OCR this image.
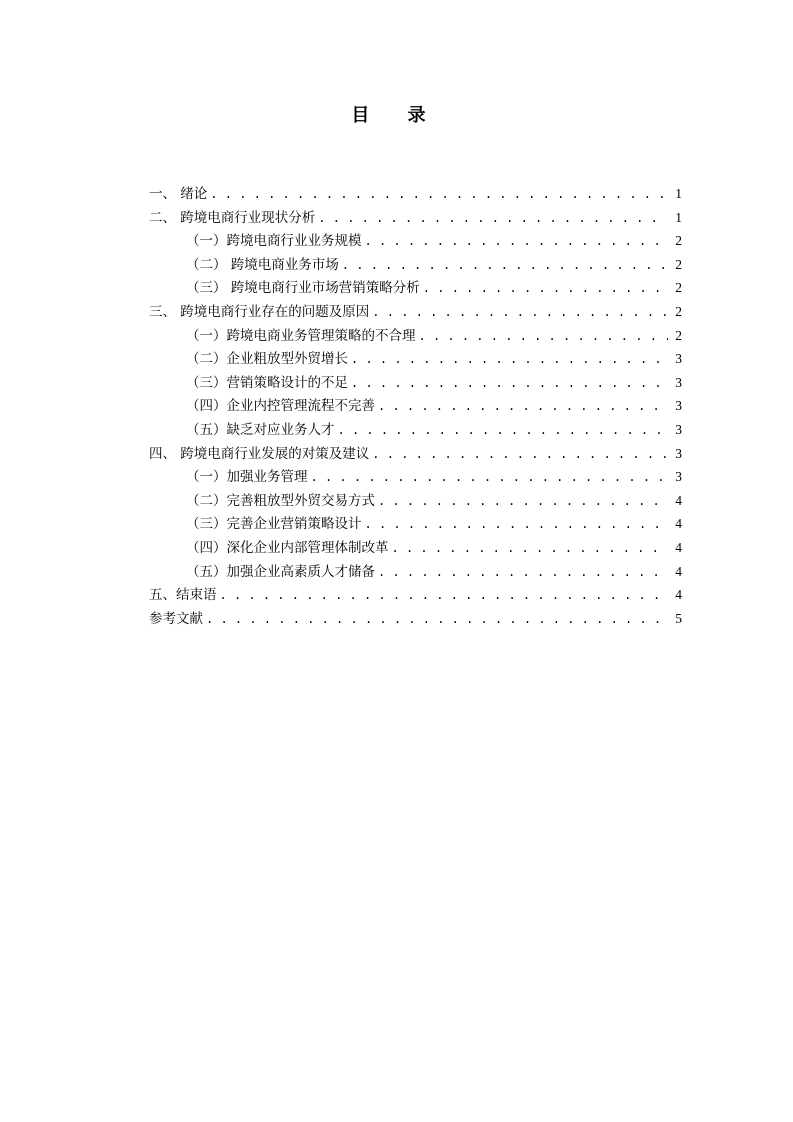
目 录
一、 绪论 . . .	1
二、 跨境电商行业现状分析 . . .	1
（一）跨境电商行业业务规模 . . .	2
（二） 跨境电商业务市场 . . .	2
（三） 跨境电商行业市场营销策略分析 . . .	2
三、 跨境电商行业存在的问题及原因 . . .	2
（一）跨境电商业务管理策略的不合理 . . .	2
（二）企业粗放型外贸增长 . . .	3
（三）营销策略设计的不足 . . .	3
（四）企业内控管理流程不完善 . . .	3
（五）缺乏对应业务人才 . . .	3
四、 跨境电商行业发展的对策及建议 . . .	3
（一）加强业务管理 . . .	3
（二）完善粗放型外贸交易方式 . . .	4
（三）完善企业营销策略设计 . . .	4
（四）深化企业内部管理体制改革 . . .	4
（五）加强企业高素质人才储备 . . .	4
五、结束语 . . .	4
参考文献 . . .	5
